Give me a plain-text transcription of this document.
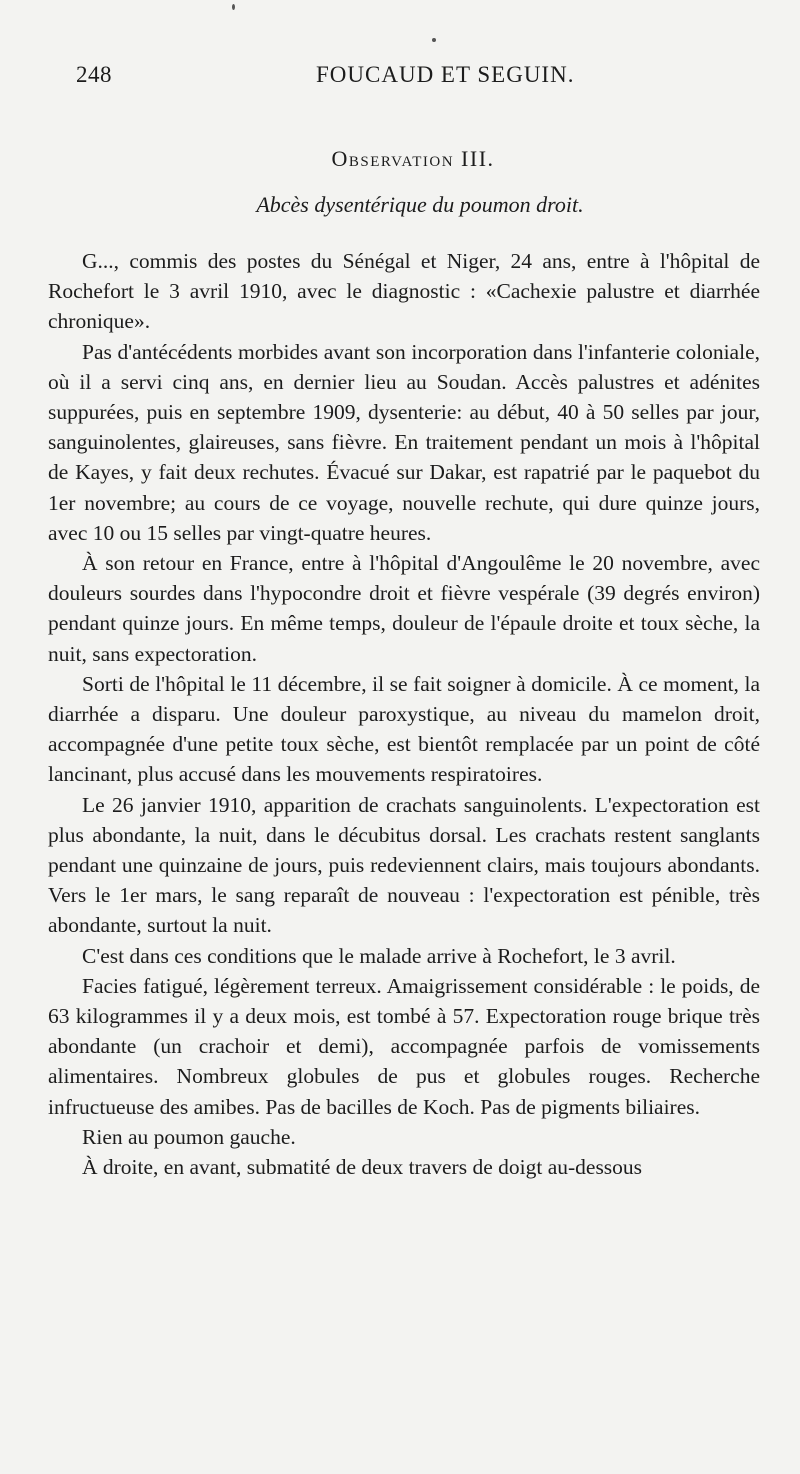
248	FOUCAUD ET SEGUIN.
Observation III.
Abcès dysentérique du poumon droit.

G..., commis des postes du Sénégal et Niger, 24 ans, entre à l'hôpital de Rochefort le 3 avril 1910, avec le diagnostic : «Cachexie palustre et diarrhée chronique».

Pas d'antécédents morbides avant son incorporation dans l'infanterie coloniale, où il a servi cinq ans, en dernier lieu au Soudan. Accès palustres et adénites suppurées, puis en septembre 1909, dysenterie: au début, 40 à 50 selles par jour, sanguinolentes, glaireuses, sans fièvre. En traitement pendant un mois à l'hôpital de Kayes, y fait deux rechutes. Évacué sur Dakar, est rapatrié par le paquebot du 1er novembre; au cours de ce voyage, nouvelle rechute, qui dure quinze jours, avec 10 ou 15 selles par vingt-quatre heures.

À son retour en France, entre à l'hôpital d'Angoulême le 20 novembre, avec douleurs sourdes dans l'hypocondre droit et fièvre vespérale (39 degrés environ) pendant quinze jours. En même temps, douleur de l'épaule droite et toux sèche, la nuit, sans expectoration.

Sorti de l'hôpital le 11 décembre, il se fait soigner à domicile. À ce moment, la diarrhée a disparu. Une douleur paroxystique, au niveau du mamelon droit, accompagnée d'une petite toux sèche, est bientôt remplacée par un point de côté lancinant, plus accusé dans les mouvements respiratoires.

Le 26 janvier 1910, apparition de crachats sanguinolents. L'expectoration est plus abondante, la nuit, dans le décubitus dorsal. Les crachats restent sanglants pendant une quinzaine de jours, puis redeviennent clairs, mais toujours abondants. Vers le 1er mars, le sang reparaît de nouveau : l'expectoration est pénible, très abondante, surtout la nuit.

C'est dans ces conditions que le malade arrive à Rochefort, le 3 avril.

Facies fatigué, légèrement terreux. Amaigrissement considérable : le poids, de 63 kilogrammes il y a deux mois, est tombé à 57. Expectoration rouge brique très abondante (un crachoir et demi), accompagnée parfois de vomissements alimentaires. Nombreux globules de pus et globules rouges. Recherche infructueuse des amibes. Pas de bacilles de Koch. Pas de pigments biliaires.

Rien au poumon gauche.

À droite, en avant, submatité de deux travers de doigt au-dessous
